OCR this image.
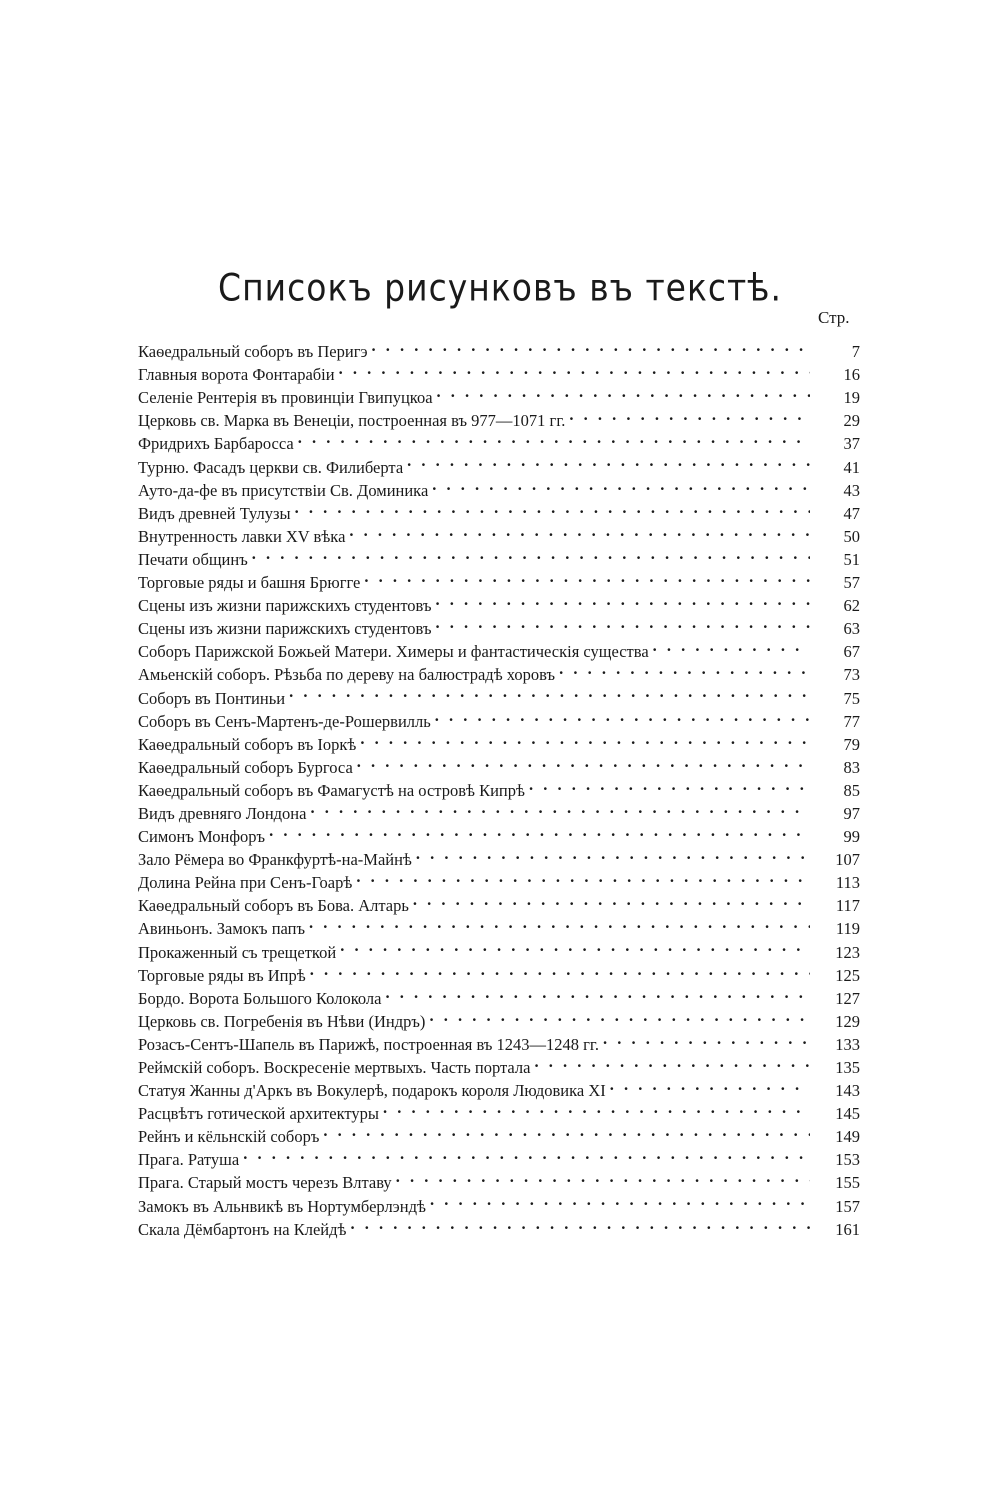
Списокъ рисунковъ въ текстѣ.
Стр.
Каѳедральный соборъ въ Перигэ . . .	7
Главныя ворота Фонтарабіи . . .	16
Селеніе Рентерія въ провинціи Гвипуцкоа . . .	19
Церковь св. Марка въ Венеціи, построенная въ 977—1071 гг. . . .	29
Фридрихъ Барбаросса . . .	37
Турню. Фасадъ церкви св. Филиберта . . .	41
Ауто-да-фе въ присутствіи Св. Доминика . . .	43
Видъ древней Тулузы . . .	47
Внутренность лавки XV вѣка . . .	50
Печати общинъ . . .	51
Торговые ряды и башня Брюгге . . .	57
Сцены изъ жизни парижскихъ студентовъ . . .	62
Сцены изъ жизни парижскихъ студентовъ . . .	63
Соборъ Парижской Божьей Матери. Химеры и фантастическія существа . . .	67
Амьенскій соборъ. Рѣзьба по дереву на балюстрадѣ хоровъ . . .	73
Соборъ въ Понтиньи . . .	75
Соборъ въ Сенъ-Мартенъ-де-Рошервилль . . .	77
Каѳедральный соборъ въ Іоркѣ . . .	79
Каѳедральный соборъ Бургоса . . .	83
Каѳедральный соборъ въ Фамагустѣ на островѣ Кипрѣ . . .	85
Видъ древняго Лондона . . .	97
Симонъ Монфоръ . . .	99
Зало Рёмера во Франкфуртѣ-на-Майнѣ . . .	107
Долина Рейна при Сенъ-Гоарѣ . . .	113
Каѳедральный соборъ въ Бова. Алтарь . . .	117
Авиньонъ. Замокъ папъ . . .	119
Прокаженный съ трещеткой . . .	123
Торговые ряды въ Ипрѣ . . .	125
Бордо. Ворота Большого Колокола . . .	127
Церковь св. Погребенія въ Нѣви (Индръ) . . .	129
Розасъ-Сентъ-Шапель въ Парижѣ, построенная въ 1243—1248 гг. . . .	133
Реймскій соборъ. Воскресеніе мертвыхъ. Часть портала . . .	135
Статуя Жанны д'Аркъ въ Вокулерѣ, подарокъ короля Людовика XI . . .	143
Расцвѣтъ готической архитектуры . . .	145
Рейнъ и кёльнскій соборъ . . .	149
Прага. Ратуша . . .	153
Прага. Старый мостъ черезъ Влтаву . . .	155
Замокъ въ Альнвикѣ въ Нортумберлэндѣ . . .	157
Скала Дёмбартонъ на Клейдѣ . . .	161
